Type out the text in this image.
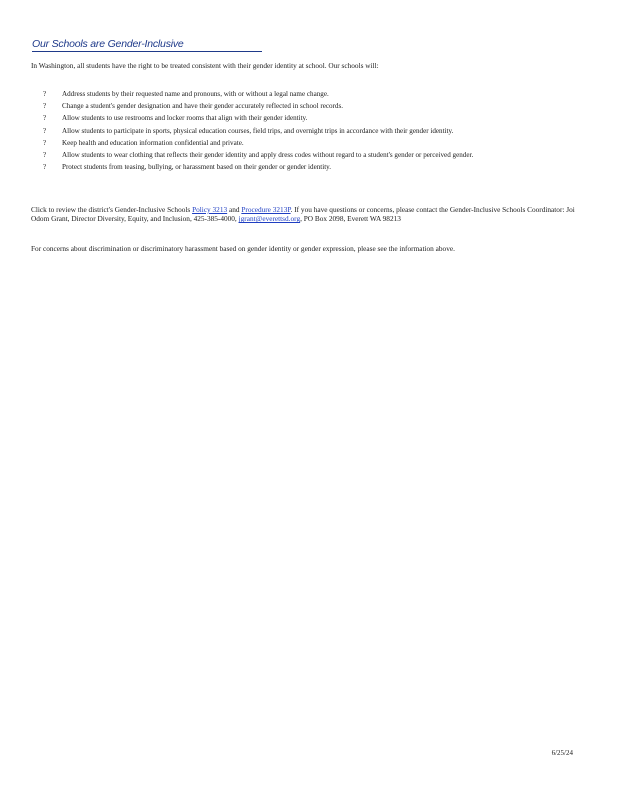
Our Schools are Gender-Inclusive
In Washington, all students have the right to be treated consistent with their gender identity at school. Our schools will:
? Address students by their requested name and pronouns, with or without a legal name change.
? Change a student's gender designation and have their gender accurately reflected in school records.
? Allow students to use restrooms and locker rooms that align with their gender identity.
? Allow students to participate in sports, physical education courses, field trips, and overnight trips in accordance with their gender identity.
? Keep health and education information confidential and private.
? Allow students to wear clothing that reflects their gender identity and apply dress codes without regard to a student's gender or perceived gender.
? Protect students from teasing, bullying, or harassment based on their gender or gender identity.
Click to review the district's Gender-Inclusive Schools Policy 3213 and Procedure 3213P. If you have questions or concerns, please contact the Gender-Inclusive Schools Coordinator: Joi Odom Grant, Director Diversity, Equity, and Inclusion, 425-385-4000, jgrant@everettsd.org, PO Box 2098, Everett WA 98213
For concerns about discrimination or discriminatory harassment based on gender identity or gender expression, please see the information above.
6/25/24
